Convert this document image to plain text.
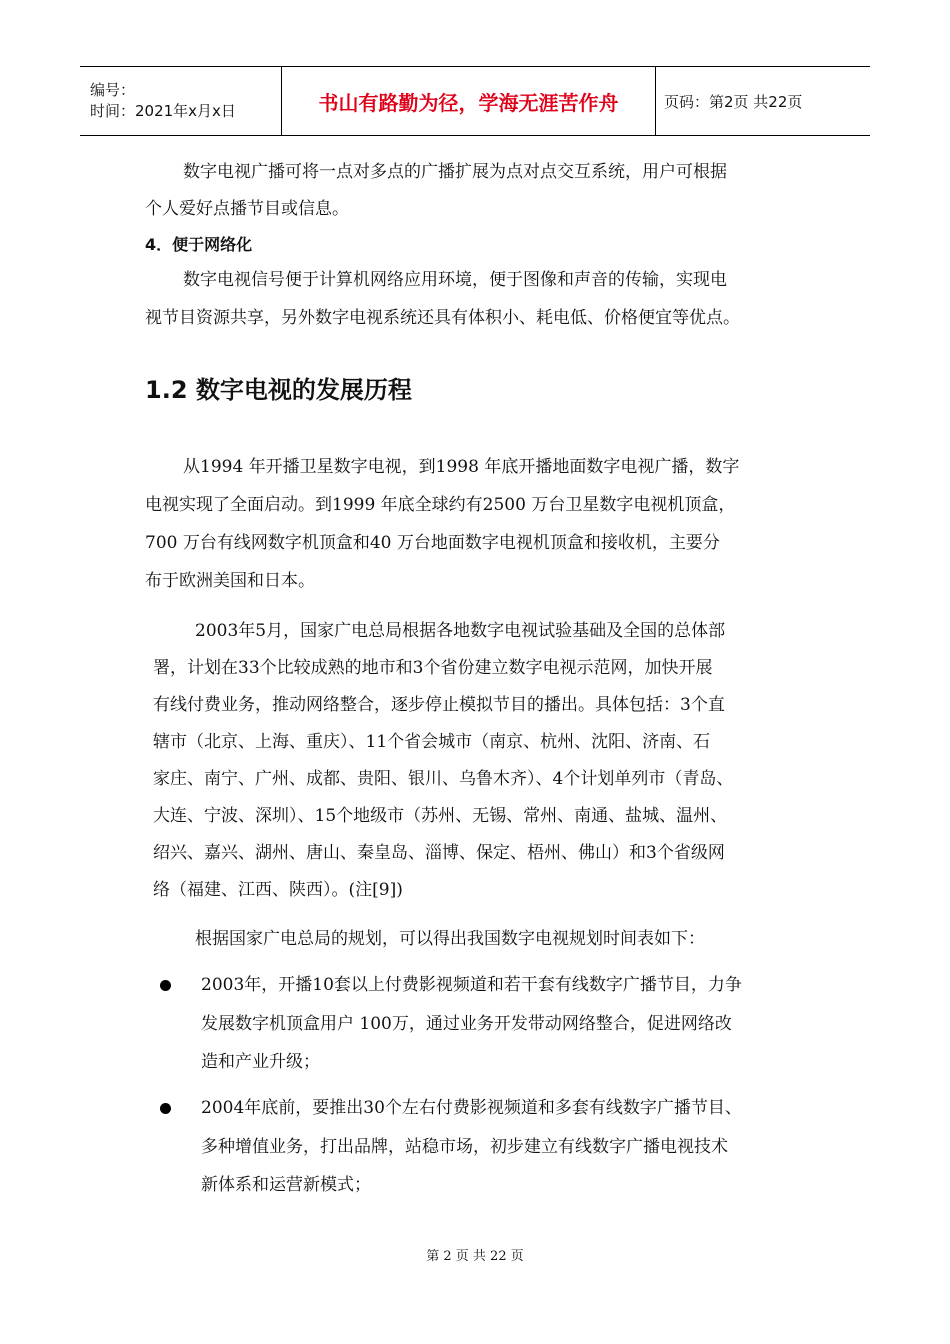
编号：
时间：2021年x月x日	书山有路勤为径，学海无涯苦作舟	页码：第2页 共22页
数字电视广播可将一点对多点的广播扩展为点对点交互系统，用户可根据
个人爱好点播节目或信息。
4．便于网络化
数字电视信号便于计算机网络应用环境，便于图像和声音的传输，实现电
视节目资源共享，另外数字电视系统还具有体积小、耗电低、价格便宜等优点。
1.2 数字电视的发展历程
从1994 年开播卫星数字电视，到1998 年底开播地面数字电视广播，数字
电视实现了全面启动。到1999 年底全球约有2500 万台卫星数字电视机顶盒，
700 万台有线网数字机顶盒和40 万台地面数字电视机顶盒和接收机，主要分
布于欧洲美国和日本。
2003年5月，国家广电总局根据各地数字电视试验基础及全国的总体部
署，计划在33个比较成熟的地市和3个省份建立数字电视示范网，加快开展
有线付费业务，推动网络整合，逐步停止模拟节目的播出。具体包括：3个直
辖市（北京、上海、重庆）、11个省会城市（南京、杭州、沈阳、济南、石
家庄、南宁、广州、成都、贵阳、银川、乌鲁木齐）、4个计划单列市（青岛、
大连、宁波、深圳）、15个地级市（苏州、无锡、常州、南通、盐城、温州、
绍兴、嘉兴、湖州、唐山、秦皇岛、淄博、保定、梧州、佛山）和3个省级网
络（福建、江西、陕西）。(注[9])
根据国家广电总局的规划，可以得出我国数字电视规划时间表如下：
2003年，开播10套以上付费影视频道和若干套有线数字广播节目，力争
发展数字机顶盒用户 100万，通过业务开发带动网络整合，促进网络改
造和产业升级；
2004年底前，要推出30个左右付费影视频道和多套有线数字广播节目、
多种增值业务，打出品牌，站稳市场，初步建立有线数字广播电视技术
新体系和运营新模式；
第 2 页 共 22 页
